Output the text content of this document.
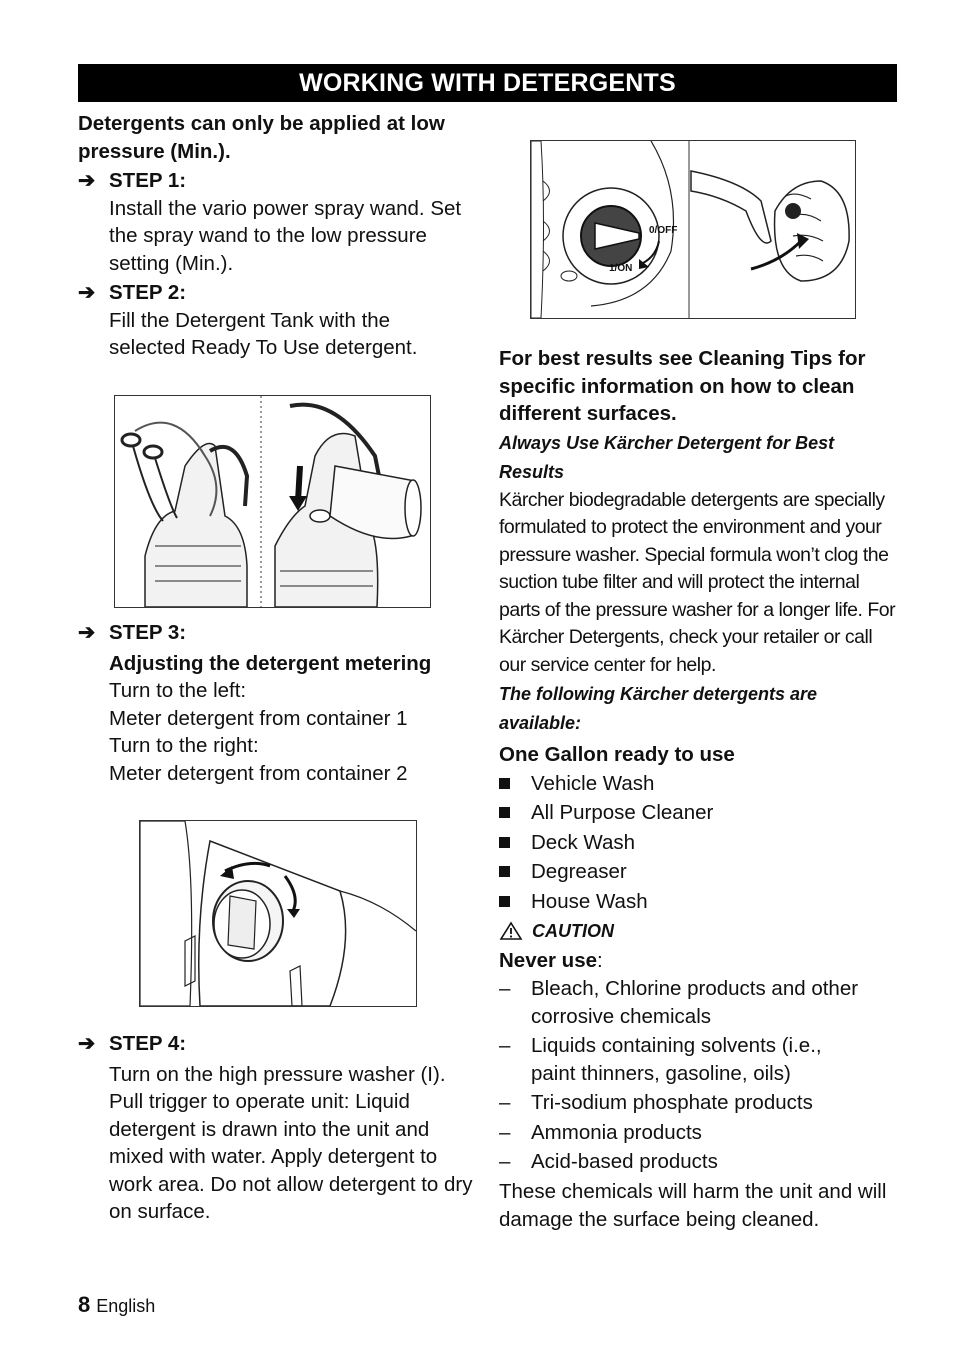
WORKING WITH DETERGENTS

Detergents can only be applied at low pressure (Min.).

➔ STEP 1:

Install the vario power spray wand. Set the spray wand to the low pressure setting (Min.).

➔ STEP 2:

Fill the Detergent Tank with the selected Ready To Use detergent.

➔ STEP 3:

Adjusting the detergent metering

Turn to the left:

Meter detergent from container 1

Turn to the right:

Meter detergent from container 2

➔ STEP 4:

Turn on the high pressure washer (I).

Pull trigger to operate unit: Liquid detergent is drawn into the unit and mixed with water. Apply detergent to work area. Do not allow detergent to dry on surface.

0/OFF
1/ON

For best results see Cleaning Tips for specific information on how to clean different surfaces.

Always Use Kärcher Detergent for Best Results

Kärcher biodegradable detergents are specially formulated to protect the environment and your pressure washer. Special formula won’t clog the suction tube filter and will protect the internal parts of the pressure washer for a longer life. For Kärcher Detergents, check your retailer or call our service center for help.

The following Kärcher detergents are available:

One Gallon ready to use

Vehicle Wash
All Purpose Cleaner
Deck Wash
Degreaser
House Wash
CAUTION

Never use:

–	Bleach, Chlorine products and other corrosive chemicals
–	Liquids containing solvents (i.e., paint thinners, gasoline, oils)
–	Tri-sodium phosphate products
–	Ammonia products
–	Acid-based products

These chemicals will harm the unit and will damage the surface being cleaned.

8 English
